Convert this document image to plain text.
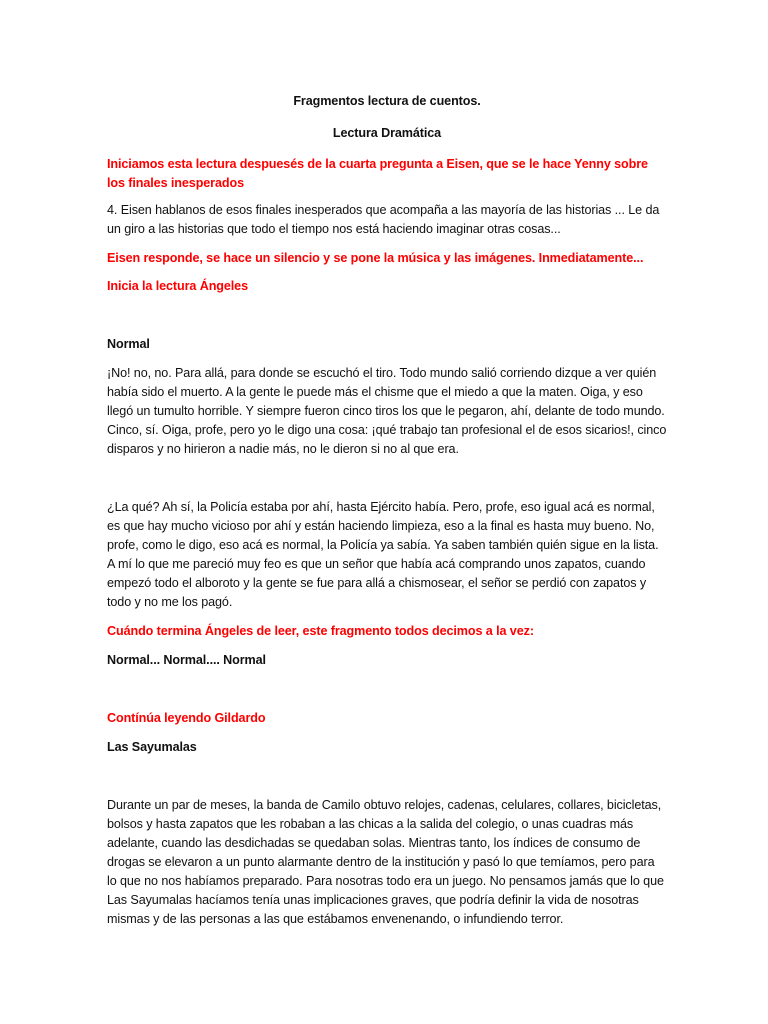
Fragmentos lectura de cuentos.

Lectura Dramática

Iniciamos esta lectura despuesés de la cuarta pregunta a Eisen, que se le hace Yenny sobre los finales inesperados

4. Eisen hablanos de esos finales inesperados que acompaña a las mayoría de las historias ... Le da un giro a las historias que todo el tiempo nos está haciendo imaginar otras cosas...

Eisen responde, se hace un silencio y se pone la música y las imágenes. Inmediatamente...

Inicia la lectura Ángeles

Normal

¡No! no, no. Para allá, para donde se escuchó el tiro. Todo mundo salió corriendo dizque a ver quién había sido el muerto. A la gente le puede más el chisme que el miedo a que la maten. Oiga, y eso llegó un tumulto horrible. Y siempre fueron cinco tiros los que le pegaron, ahí, delante de todo mundo. Cinco, sí. Oiga, profe, pero yo le digo una cosa: ¡qué trabajo tan profesional el de esos sicarios!, cinco disparos y no hirieron a nadie más, no le dieron si no al que era.

¿La qué? Ah sí, la Policía estaba por ahí, hasta Ejército había. Pero, profe, eso igual acá es normal, es que hay mucho vicioso por ahí y están haciendo limpieza, eso a la final es hasta muy bueno. No, profe, como le digo, eso acá es normal, la Policía ya sabía. Ya saben también quién sigue en la lista. A mí lo que me pareció muy feo es que un señor que había acá comprando unos zapatos, cuando empezó todo el alboroto y la gente se fue para allá a chismosear, el señor se perdió con zapatos y todo y no me los pagó.

Cuándo termina Ángeles de leer, este fragmento todos decimos a la vez:

Normal... Normal.... Normal

Contínúa leyendo Gildardo

Las Sayumalas

Durante un par de meses, la banda de Camilo obtuvo relojes, cadenas, celulares, collares, bicicletas, bolsos y hasta zapatos que les robaban a las chicas a la salida del colegio, o unas cuadras más adelante, cuando las desdichadas se quedaban solas. Mientras tanto, los índices de consumo de drogas se elevaron a un punto alarmante dentro de la institución y pasó lo que temíamos, pero para lo que no nos habíamos preparado. Para nosotras todo era un juego. No pensamos jamás que lo que Las Sayumalas hacíamos tenía unas implicaciones graves, que podría definir la vida de nosotras mismas y de las personas a las que estábamos envenenando, o infundiendo terror.
